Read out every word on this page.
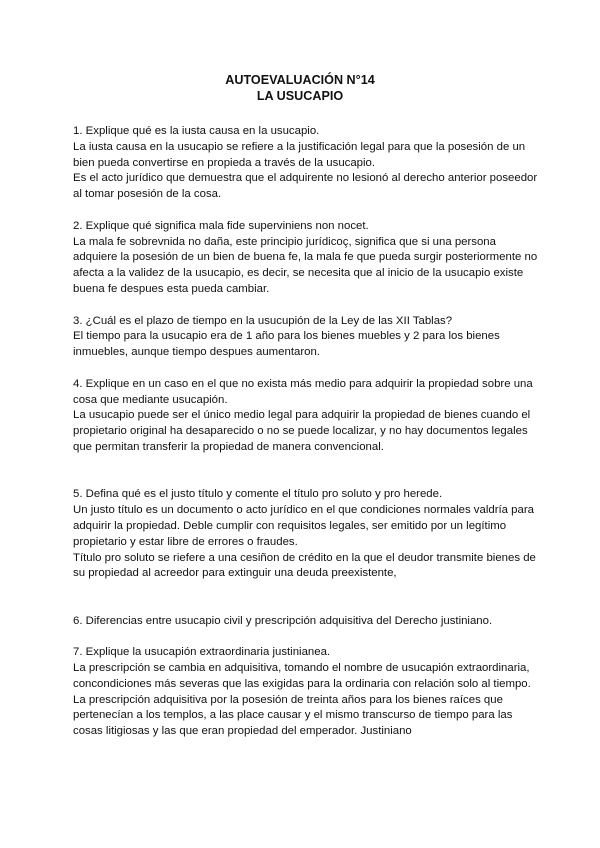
AUTOEVALUACIÓN N°14
LA USUCAPIO

1. Explique qué es la iusta causa en la usucapio.

La iusta causa en la usucapio se refiere a la justificación legal para que la posesión de un bien pueda convertirse en propieda a través de la usucapio.

Es el acto jurídico que demuestra que el adquirente no lesionó al derecho anterior poseedor al tomar posesión de la cosa.

2. Explique qué significa mala fide superviniens non nocet.

La mala fe sobrevnida no daña, este principio jurídicoç, significa que si una persona adquiere la posesión de un bien de buena fe, la mala fe que pueda surgir posteriormente no afecta a la validez de la usucapio, es decir, se necesita que al inicio de la usucapio existe buena fe despues esta pueda cambiar.

3. ¿Cuál es el plazo de tiempo en la usucupión de la Ley de las XII Tablas?

El tiempo para la usucapio era de 1 año para los bienes muebles y 2 para los bienes inmuebles, aunque tiempo despues aumentaron.

4. Explique en un caso en el que no exista más medio para adquirir la propiedad sobre una cosa que mediante usucapión.

La usucapio puede ser el único medio legal para adquirir la propiedad de bienes cuando el propietario original ha desaparecido o no se puede localizar, y no hay documentos legales que permitan transferir la propiedad de manera convencional.

5. Defina qué es el justo título y comente el título pro soluto y pro herede.

Un justo título es un documento o acto jurídico en el que condiciones normales valdría para adquirir la propiedad. Deble cumplir con requisitos legales, ser emitido por un legítimo propietario y estar libre de errores o fraudes.

Título pro soluto se riefere a una cesiñon de crédito en la que el deudor transmite bienes de su propiedad al acreedor para extinguir una deuda preexistente,

6. Diferencias entre usucapio civil y prescripción adquisitiva del Derecho justiniano.

7. Explique la usucapión extraordinaria justinianea.

La prescripción se cambia en adquisitiva, tomando el nombre de usucapión extraordinaria, concondiciones más severas que las exigidas para la ordinaria con relación solo al tiempo.

La prescripción adquisitiva por la posesión de treinta años para los bienes raíces que pertenecían a los templos, a las place causar y el mismo transcurso de tiempo para las cosas litigiosas y las que eran propiedad del emperador. Justiniano
